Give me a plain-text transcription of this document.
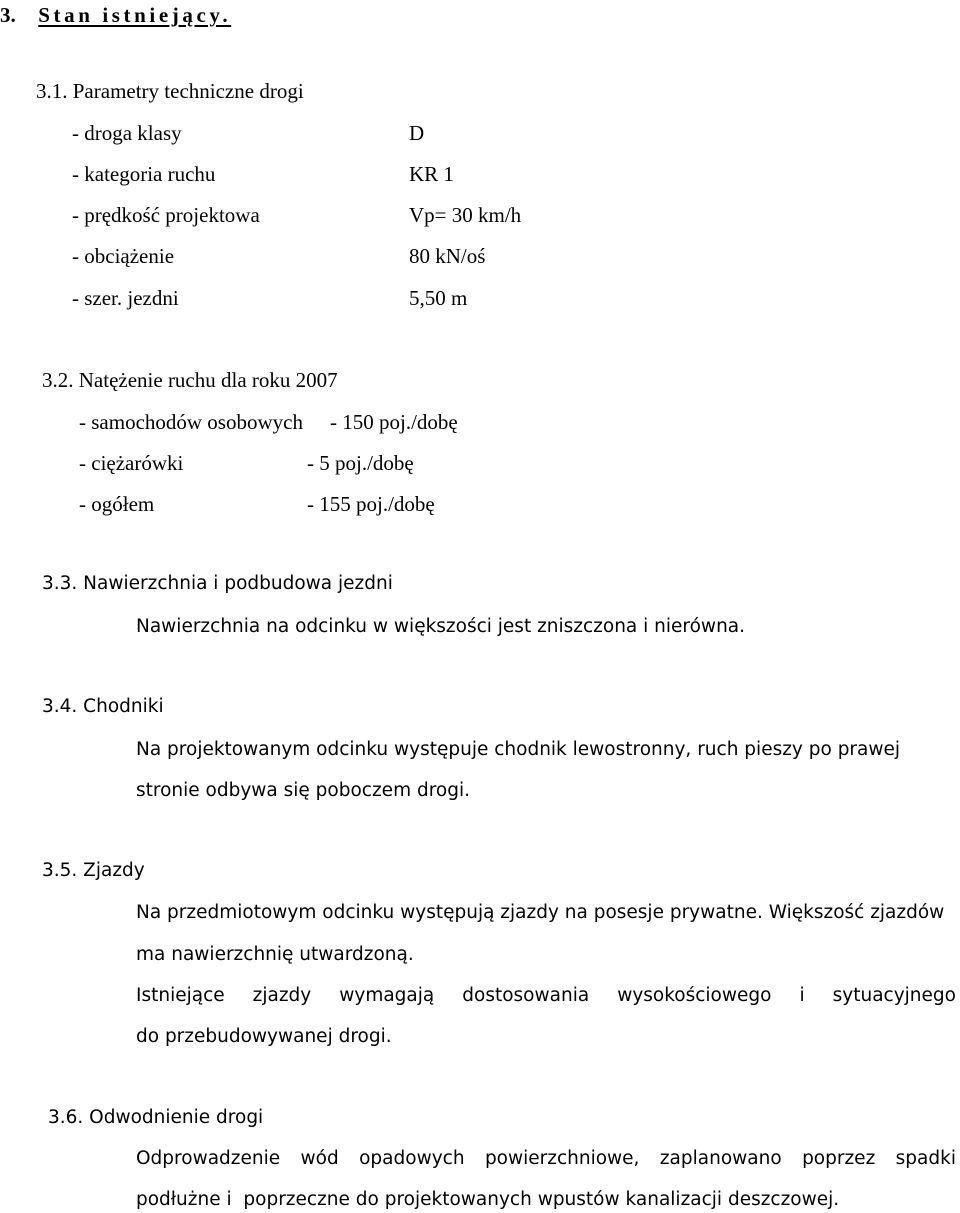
3. Stan istniejący.
3.1. Parametry techniczne drogi
- droga klasy	D
- kategoria ruchu	KR 1
- prędkość projektowa	Vp= 30 km/h
- obciążenie	80 kN/oś
- szer. jezdni	5,50 m
3.2. Natężenie ruchu dla roku 2007
- samochodów osobowych - 150 poj./dobę
- ciężarówki	- 5 poj./dobę
- ogółem	- 155 poj./dobę
3.3. Nawierzchnia i podbudowa jezdni
Nawierzchnia na odcinku w większości jest zniszczona i nierówna.
3.4. Chodniki
Na projektowanym odcinku występuje chodnik lewostronny, ruch pieszy po prawej
stronie odbywa się poboczem drogi.
3.5. Zjazdy
Na przedmiotowym odcinku występują zjazdy na posesje prywatne. Większość zjazdów
ma nawierzchnię utwardzoną.
Istniejące zjazdy wymagają dostosowania wysokościowego i sytuacyjnego
do przebudowywanej drogi.
3.6. Odwodnienie drogi
Odprowadzenie wód opadowych powierzchniowe, zaplanowano poprzez spadki
podłużne i  poprzeczne do projektowanych wpustów kanalizacji deszczowej.
